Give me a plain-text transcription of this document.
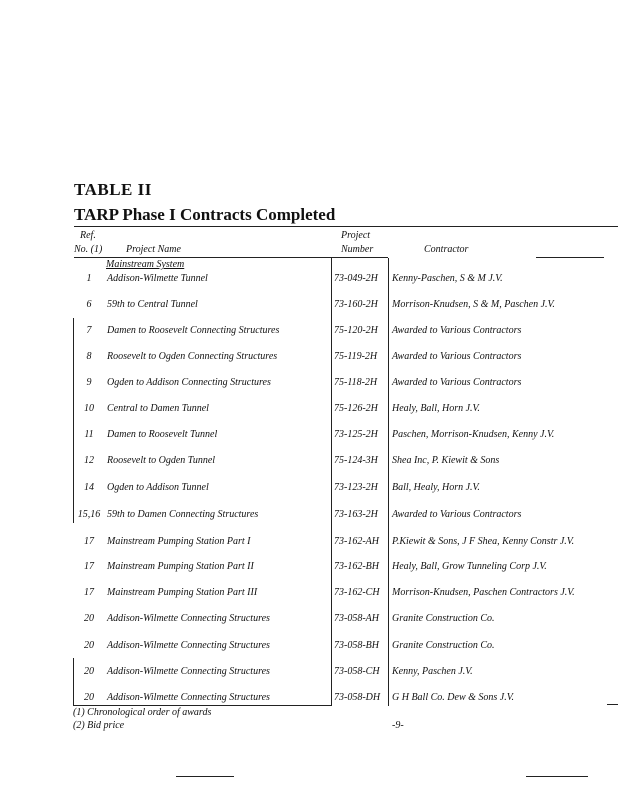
TABLE II
TARP Phase I Contracts Completed
Ref.
No. (1) Project Name
Project
Number	Contractor
Mainstream System
1	Addison-Wilmette Tunnel	73-049-2H Kenny-Paschen, S & M J.V.
6	59th to Central Tunnel	73-160-2H Morrison-Knudsen, S & M, Paschen J.V.
7	Damen to Roosevelt Connecting Structures	75-120-2H Awarded to Various Contractors
8	Roosevelt to Ogden Connecting Structures	75-119-2H Awarded to Various Contractors
9	Ogden to Addison Connecting Structures	75-118-2H Awarded to Various Contractors
10	Central to Damen Tunnel	75-126-2H Healy, Ball, Horn J.V.
11	Damen to Roosevelt Tunnel	73-125-2H Paschen, Morrison-Knudsen, Kenny J.V.
12	Roosevelt to Ogden Tunnel	75-124-3H Shea Inc, P. Kiewit & Sons
14	Ogden to Addison Tunnel	73-123-2H Ball, Healy, Horn J.V.
15,16 59th to Damen Connecting Structures	73-163-2H Awarded to Various Contractors
17	Mainstream Pumping Station Part I	73-162-AH P.Kiewit & Sons, J F Shea, Kenny Constr J.V.
17	Mainstream Pumping Station Part II	73-162-BH Healy, Ball, Grow Tunneling Corp J.V.
17	Mainstream Pumping Station Part III	73-162-CH Morrison-Knudsen, Paschen Contractors J.V.
20	Addison-Wilmette Connecting Structures	73-058-AH Granite Construction Co.
20	Addison-Wilmette Connecting Structures	73-058-BH Granite Construction Co.
20	Addison-Wilmette Connecting Structures	73-058-CH Kenny, Paschen J.V.
20	Addison-Wilmette Connecting Structures	73-058-DH G H Ball Co. Dew & Sons J.V.
(1) Chronological order of awards
(2) Bid price	-9-
